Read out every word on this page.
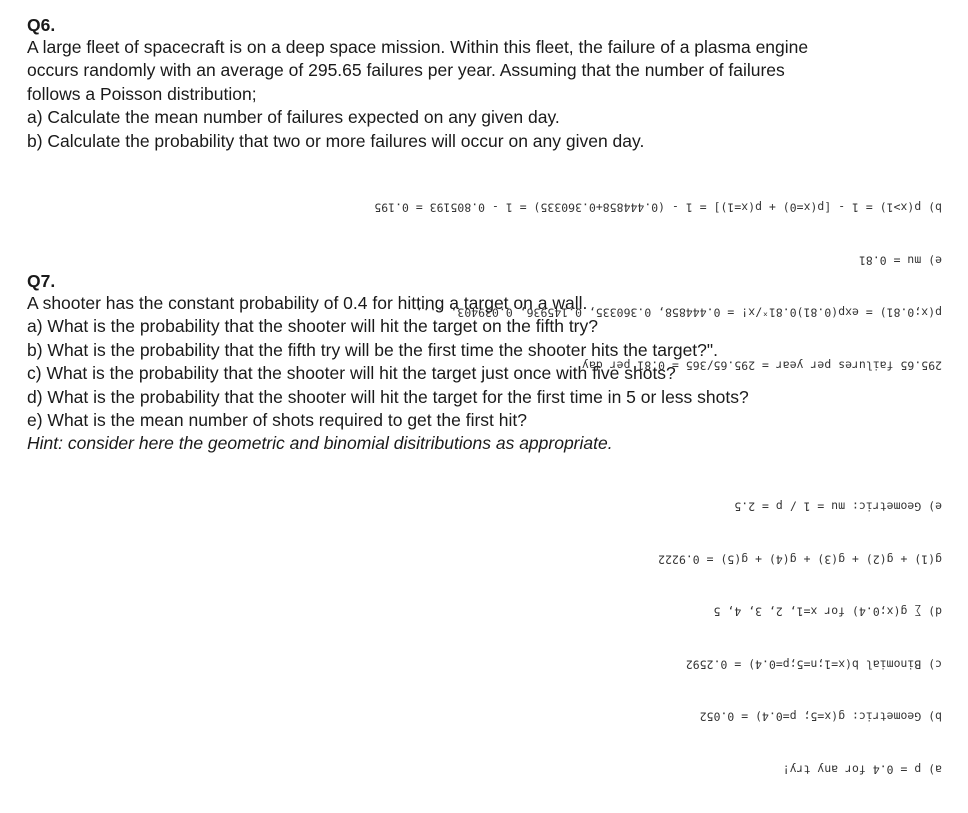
Q6.

A large fleet of spacecraft is on a deep space mission. Within this fleet, the failure of a plasma engine

occurs randomly with an average of 295.65 failures per year. Assuming that the number of failures

follows a Poisson distribution;

a) Calculate the mean number of failures expected on any given day.

b) Calculate the probability that two or more failures will occur on any given day.

295.65 failures per year = 295.65/365 = 0.81 per day

p(x;0.81) = exp(0.81)0.81ˣ/x! = 0.444858, 0.360335, 0.145936, 0.039403, ....

e) mu = 0.81

b) p(x>1) = 1 - [p(x=0) + p(x=1)] = 1 - (0.444858+0.360335) = 1 - 0.805193 = 0.195

Q7.

A shooter has the constant probability of 0.4 for hitting a target on a wall.

a) What is the probability that the shooter will hit the target on the fifth try?

b) What is the probability that the fifth try will be the first time the shooter hits the target?".

c) What is the probability that the shooter will hit the target just once with five shots?

d) What is the probability that the shooter will hit the target for the first time in 5 or less shots?

e) What is the mean number of shots required to get the first hit?

Hint: consider here the geometric and binomial disitributions as appropriate.

a) p = 0.4 for any try!

b) Geometric: g(x=5; p=0.4) = 0.052

c) Binomial b(x=1;n=5;p=0.4) = 0.2592

d) ∑ g(x;0.4) for x=1, 2, 3, 4, 5

g(1) + g(2) + g(3) + g(4) + g(5) = 0.9222

e) Geometric: mu = 1 / p = 2.5
